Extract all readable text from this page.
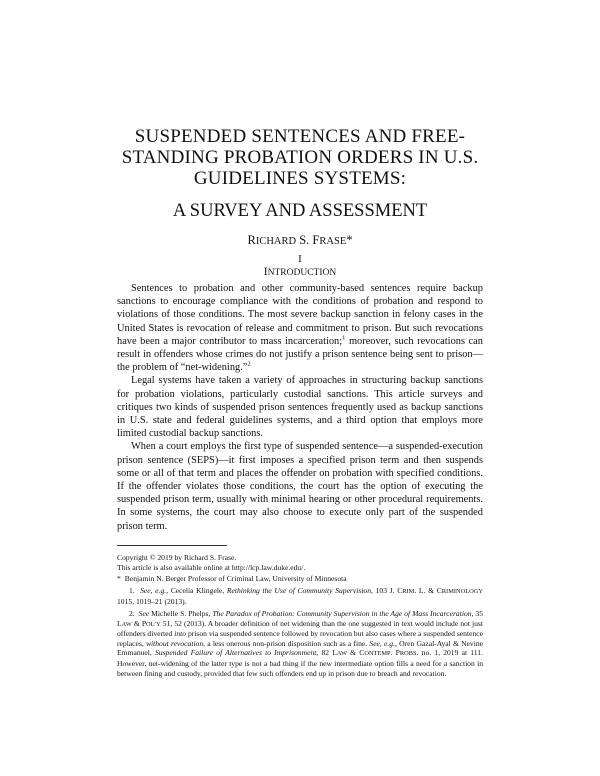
SUSPENDED SENTENCES AND FREE-
STANDING PROBATION ORDERS IN U.S.
GUIDELINES SYSTEMS:
A SURVEY AND ASSESSMENT
RICHARD S. FRASE*
I
INTRODUCTION

Sentences to probation and other community-based sentences require backup sanctions to encourage compliance with the conditions of probation and respond to violations of those conditions. The most severe backup sanction in felony cases in the United States is revocation of release and commitment to prison. But such revocations have been a major contributor to mass incarceration;$^1$ moreover, such revocations can result in offenders whose crimes do not justify a prison sentence being sent to prison—the problem of “net-widening.”$^2$

Legal systems have taken a variety of approaches in structuring backup sanctions for probation violations, particularly custodial sanctions. This article surveys and critiques two kinds of suspended prison sentences frequently used as backup sanctions in U.S. state and federal guidelines systems, and a third option that employs more limited custodial backup sanctions.

When a court employs the first type of suspended sentence—a suspended-execution prison sentence (SEPS)—it first imposes a specified prison term and then suspends some or all of that term and places the offender on probation with specified conditions. If the offender violates those conditions, the court has the option of executing the suspended prison term, usually with minimal hearing or other procedural requirements. In some systems, the court may also choose to execute only part of the suspended prison term.

Copyright © 2019 by Richard S. Frase.
This article is also available online at http://lcp.law.duke.edu/.
* Benjamin N. Berger Professor of Criminal Law, University of Minnesota
1. See, e.g., Cecelia Klingele, Rethinking the Use of Community Supervision, 103 J. CRIM. L. & CRIMINOLOGY 1015, 1019–21 (2013).
2. See Michelle S. Phelps, The Paradox of Probation: Community Supervision in the Age of Mass Incarceration, 35 LAW & POL’Y 51, 52 (2013). A broader definition of net widening than the one suggested in text would include not just offenders diverted into prison via suspended sentence followed by revocation but also cases where a suspended sentence replaces, without revocation, a less onerous non-prison disposition such as a fine. See, e.g., Oren Gazal-Ayal & Nevine Emmanuel, Suspended Failure of Alternatives to Imprisonment, 82 LAW & CONTEMP. PROBS. no. 1, 2019 at 111. However, net-widening of the latter type is not a bad thing if the new intermediate option fills a need for a sanction in between fining and custody, provided that few such offenders end up in prison due to breach and revocation.
